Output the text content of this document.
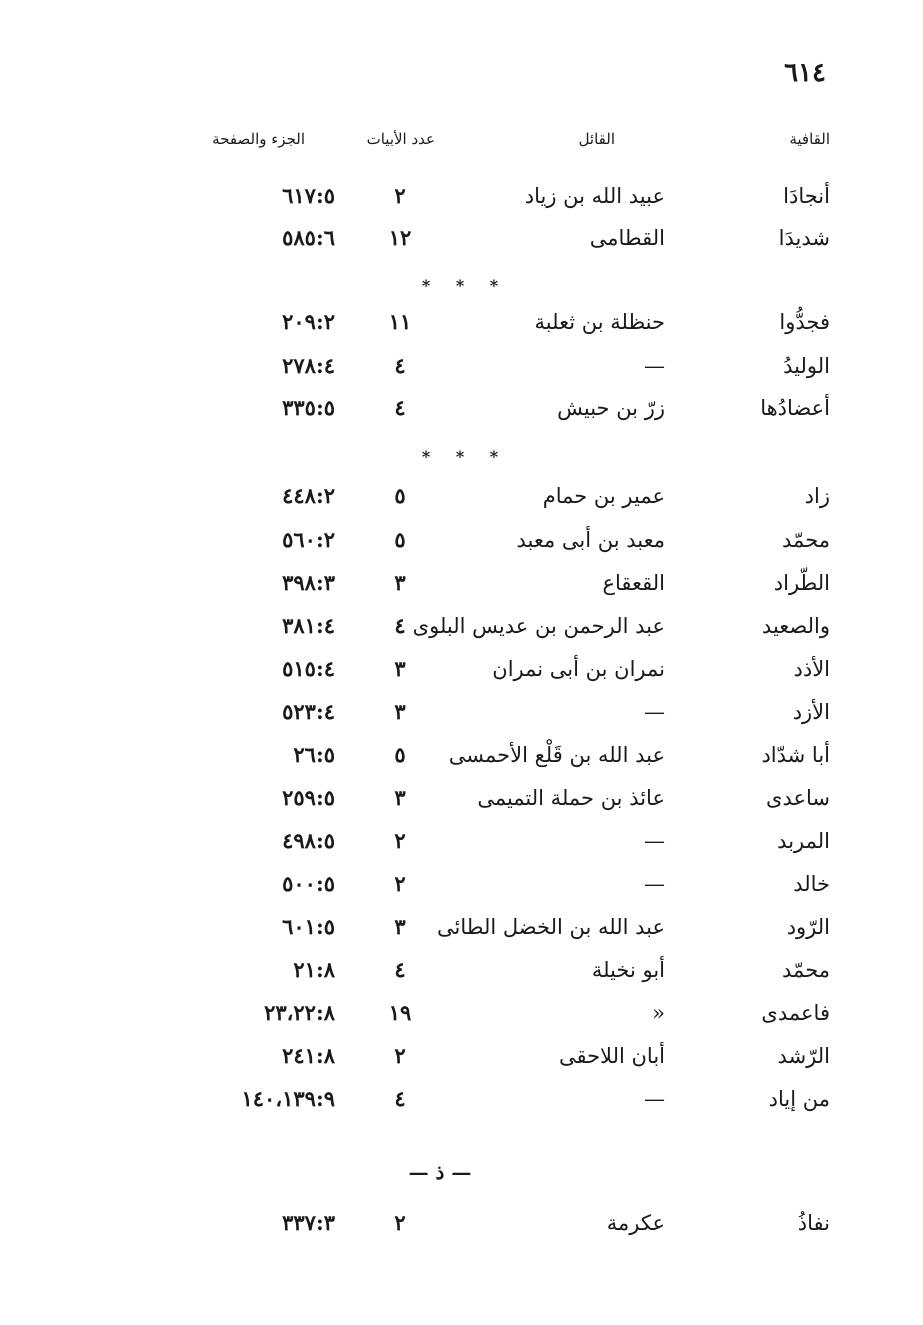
٦١٤
القافية
القائل
عدد الأبيات
الجزء والصفحة
أنجادَا
عبيد الله بن زياد
٢
٦١٧:٥
شديدَا
القطامى
١٢
٥٨٥:٦
* * *
فجدُّوا
حنظلة بن ثعلبة
١١
٢٠٩:٢
الوليدُ
—
٤
٢٧٨:٤
أعضادُها
زرّ بن حبيش
٤
٣٣٥:٥
* * *
زاد
عمير بن حمام
٥
٤٤٨:٢
محمّد
معبد بن أبى معبد
٥
٥٦٠:٢
الطّراد
القعقاع
٣
٣٩٨:٣
والصعيد
عبد الرحمن بن عديس البلوى
٤
٣٨١:٤
الأذد
نمران بن أبى نمران
٣
٥١٥:٤
الأزد
—
٣
٥٢٣:٤
أبا شدّاد
عبد الله بن قَلْع الأحمسى
٥
٢٦:٥
ساعدى
عائذ بن حملة التميمى
٣
٢٥٩:٥
المربد
—
٢
٤٩٨:٥
خالد
—
٢
٥٠٠:٥
الرّود
عبد الله بن الخضل الطائى
٣
٦٠١:٥
محمّد
أبو نخيلة
٤
٢١:٨
فاعمدى
«
١٩
٢٣،٢٢:٨
الرّشد
أبان اللاحقى
٢
٢٤١:٨
من إياد
—
٤
١٤٠،١٣٩:٩
— ذ —
نفاذُ
عكرمة
٢
٣٣٧:٣
